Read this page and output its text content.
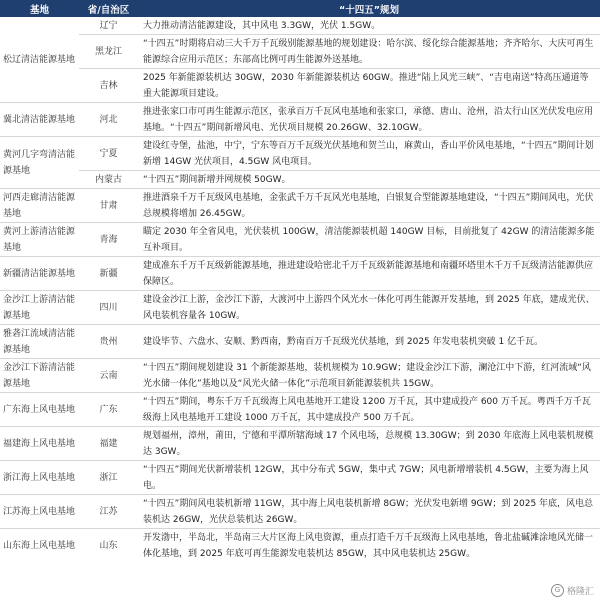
基地	省/自治区	“十四五”规划
松辽清洁能源基地	辽宁	大力推动清洁能源建设，其中风电 3.3GW，光伏 1.5GW。
	黑龙江	“十四五”时期将启动三大千万千瓦级别能源基地的规划建设：哈尔滨、绥化综合能源基地；齐齐哈尔、大庆可再生能源综合应用示范区；东部高比例可再生能源外送基地。
	吉林	2025 年新能源装机达 30GW，2030 年新能源装机达 60GW。推进“陆上风光三峡”、“吉电南送”特高压通道等重大能源项目建设。
冀北清洁能源基地	河北	推进张家口市可再生能源示范区，张承百万千瓦风电基地和张家口，承德、唐山、沧州，沿太行山区光伏发电应用基地。“十四五”期间新增风电、光伏项目规模 20.26GW、32.10GW。
黄河几字弯清洁能源基地	宁夏	建设红寺堡，盐池，中宁，宁东等百万千瓦级光伏基地和贺兰山，麻黄山，香山平价风电基地，“十四五”期间计划新增 14GW 光伏项目，4.5GW 风电项目。
	内蒙古	“十四五”期间新增并网规模 50GW。
河西走廊清洁能源基地	甘肃	推进酒泉千万千瓦级风电基地，金张武千万千瓦风光电基地，白银复合型能源基地建设，“十四五”期间风电，光伏总规模将增加 26.45GW。
黄河上游清洁能源基地	青海	瞄定 2030 年全省风电，光伏装机 100GW，清洁能源装机超 140GW 目标，目前批复了 42GW 的清洁能源多能互补项目。
新疆清洁能源基地	新疆	建成准东千万千瓦级新能源基地，推进建设哈密北千万千瓦级新能源基地和南疆环塔里木千万千瓦级清洁能源供应保障区。
金沙江上游清洁能源基地	四川	建设金沙江上游，金沙江下游，大渡河中上游四个风光水一体化可再生能源开发基地，到 2025 年底，建成光伏、风电装机容量各 10GW。
雅砻江流域清洁能源基地	贵州	建设毕节、六盘水、安顺、黔西南，黔南百万千瓦级光伏基地，到 2025 年发电装机突破 1 亿千瓦。
金沙江下游清洁能源基地	云南	“十四五”期间规划建设 31 个新能源基地，装机规模为 10.9GW；建设金沙江下游，澜沧江中下游，红河流域“风光水储一体化”基地以及“风光火储一体化”示范项目新能源装机共 15GW。
广东海上风电基地	广东	“十四五”期间，粤东千万千瓦级海上风电基地开工建设 1200 万千瓦，其中建成投产 600 万千瓦。粤西千万千瓦级海上风电基地开工建设 1000 万千瓦，其中建成投产 500 万千瓦。
福建海上风电基地	福建	规划福州，漳州，莆田，宁德和平潭所辖海域 17 个风电场，总规模 13.30GW；到 2030 年底海上风电装机规模达 3GW。
浙江海上风电基地	浙江	“十四五”期间光伏新增装机 12GW，其中分布式 5GW，集中式 7GW；风电新增增装机 4.5GW，主要为海上风电。
江苏海上风电基地	江苏	“十四五”期间风电装机新增 11GW，其中海上风电装机新增 8GW；光伏发电新增 9GW；到 2025 年底，风电总装机达 26GW，光伏总装机达 26GW。
山东海上风电基地	山东	开发渤中，半岛北，半岛南三大片区海上风电资源，重点打造千万千瓦级海上风电基地，鲁北盐碱滩涂地风光储一体化基地，到 2025 年底可再生能源发电装机达 85GW，其中风电装机达 25GW。
G 格隆汇
